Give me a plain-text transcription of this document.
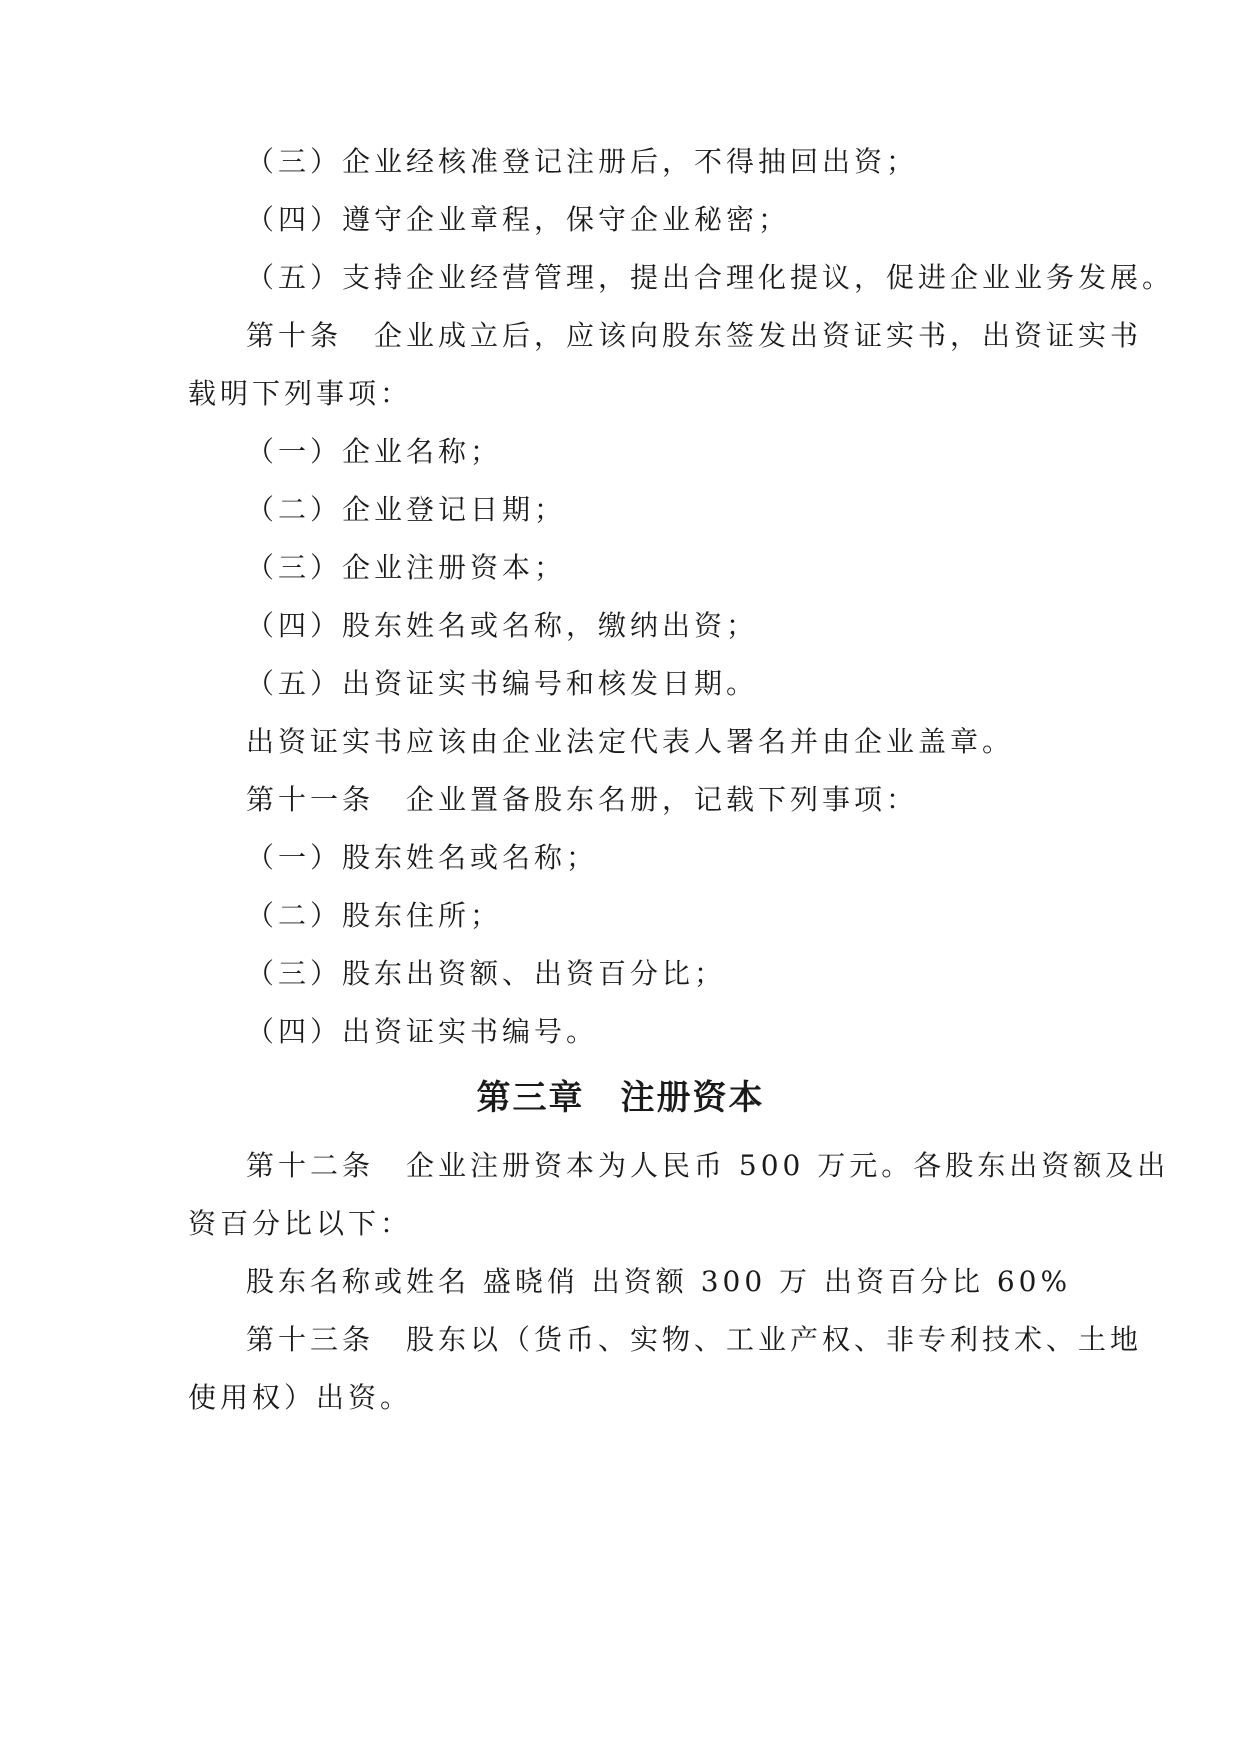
（三）企业经核准登记注册后，不得抽回出资；
（四）遵守企业章程，保守企业秘密；
（五）支持企业经营管理，提出合理化提议，促进企业业务发展。
第十条　企业成立后，应该向股东签发出资证实书，出资证实书
载明下列事项：
（一）企业名称；
（二）企业登记日期；
（三）企业注册资本；
（四）股东姓名或名称，缴纳出资；
（五）出资证实书编号和核发日期。
出资证实书应该由企业法定代表人署名并由企业盖章。
第十一条　企业置备股东名册，记载下列事项：
（一）股东姓名或名称；
（二）股东住所；
（三）股东出资额、出资百分比；
（四）出资证实书编号。
第三章　注册资本
第十二条　企业注册资本为人民币 500 万元。各股东出资额及出
资百分比以下：
股东名称或姓名 盛晓俏 出资额 300 万 出资百分比 60%
第十三条　股东以（货币、实物、工业产权、非专利技术、土地
使用权）出资。
